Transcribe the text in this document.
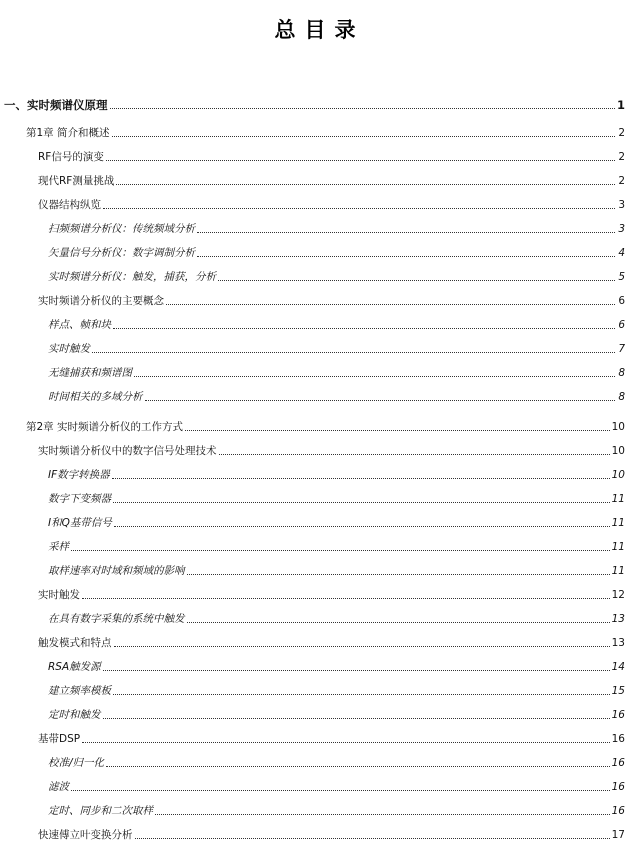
总目录
一、实时频谱仪原理	1
第1章 简介和概述	2
RF信号的演变	2
现代RF测量挑战	2
仪器结构纵览	3
扫频频谱分析仪：传统频域分析	3
矢量信号分析仪：数字调制分析	4
实时频谱分析仪：触发，捕获，分析	5
实时频谱分析仪的主要概念	6
样点、帧和块	6
实时触发	7
无缝捕获和频谱图	8
时间相关的多域分析	8
第2章 实时频谱分析仪的工作方式	10
实时频谱分析仪中的数字信号处理技术	10
IF数字转换器	10
数字下变频器	11
I和Q基带信号	11
采样	11
取样速率对时域和频域的影响	11
实时触发	12
在具有数字采集的系统中触发	13
触发模式和特点	13
RSA触发源	14
建立频率模板	15
定时和触发	16
基带DSP	16
校准/归一化	16
滤波	16
定时、同步和二次取样	16
快速傅立叶变换分析	17
